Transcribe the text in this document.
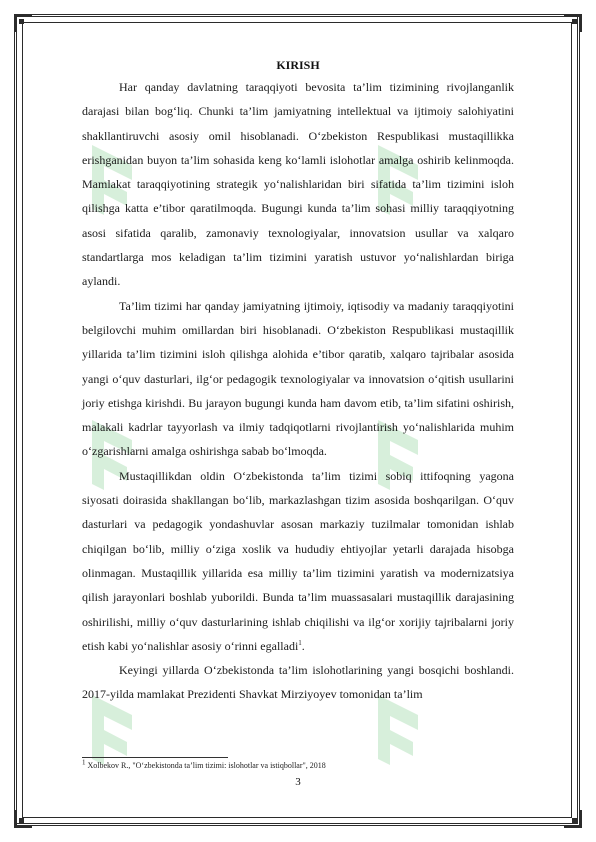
KIRISH

Har qanday davlatning taraqqiyoti bevosita ta’lim tizimining rivojlanganlik darajasi bilan bog‘liq. Chunki ta’lim jamiyatning intellektual va ijtimoiy salohiyatini shakllantiruvchi asosiy omil hisoblanadi. O‘zbekiston Respublikasi mustaqillikka erishganidan buyon ta’lim sohasida keng ko‘lamli islohotlar amalga oshirib kelinmoqda. Mamlakat taraqqiyotining strategik yo‘nalishlaridan biri sifatida ta’lim tizimini isloh qilishga katta e’tibor qaratilmoqda. Bugungi kunda ta’lim sohasi milliy taraqqiyotning asosi sifatida qaralib, zamonaviy texnologiyalar, innovatsion usullar va xalqaro standartlarga mos keladigan ta’lim tizimini yaratish ustuvor yo‘nalishlardan biriga aylandi.

Ta’lim tizimi har qanday jamiyatning ijtimoiy, iqtisodiy va madaniy taraqqiyotini belgilovchi muhim omillardan biri hisoblanadi. O‘zbekiston Respublikasi mustaqillik yillarida ta’lim tizimini isloh qilishga alohida e’tibor qaratib, xalqaro tajribalar asosida yangi o‘quv dasturlari, ilg‘or pedagogik texnologiyalar va innovatsion o‘qitish usullarini joriy etishga kirishdi. Bu jarayon bugungi kunda ham davom etib, ta’lim sifatini oshirish, malakali kadrlar tayyorlash va ilmiy tadqiqotlarni rivojlantirish yo‘nalishlarida muhim o‘zgarishlarni amalga oshirishga sabab bo‘lmoqda.

Mustaqillikdan oldin O‘zbekistonda ta’lim tizimi sobiq ittifoqning yagona siyosati doirasida shakllangan bo‘lib, markazlashgan tizim asosida boshqarilgan. O‘quv dasturlari va pedagogik yondashuvlar asosan markaziy tuzilmalar tomonidan ishlab chiqilgan bo‘lib, milliy o‘ziga xoslik va hududiy ehtiyojlar yetarli darajada hisobga olinmagan. Mustaqillik yillarida esa milliy ta’lim tizimini yaratish va modernizatsiya qilish jarayonlari boshlab yuborildi. Bunda ta’lim muassasalari mustaqillik darajasining oshirilishi, milliy o‘quv dasturlarining ishlab chiqilishi va ilg‘or xorijiy tajribalarni joriy etish kabi yo‘nalishlar asosiy o‘rinni egalladi$^1$.

Keyingi yillarda O‘zbekistonda ta’lim islohotlarining yangi bosqichi boshlandi. 2017-yilda mamlakat Prezidenti Shavkat Mirziyoyev tomonidan ta’lim

$^1$ Xolbekov R., "O‘zbekistonda ta’lim tizimi: islohotlar va istiqbollar", 2018
3
